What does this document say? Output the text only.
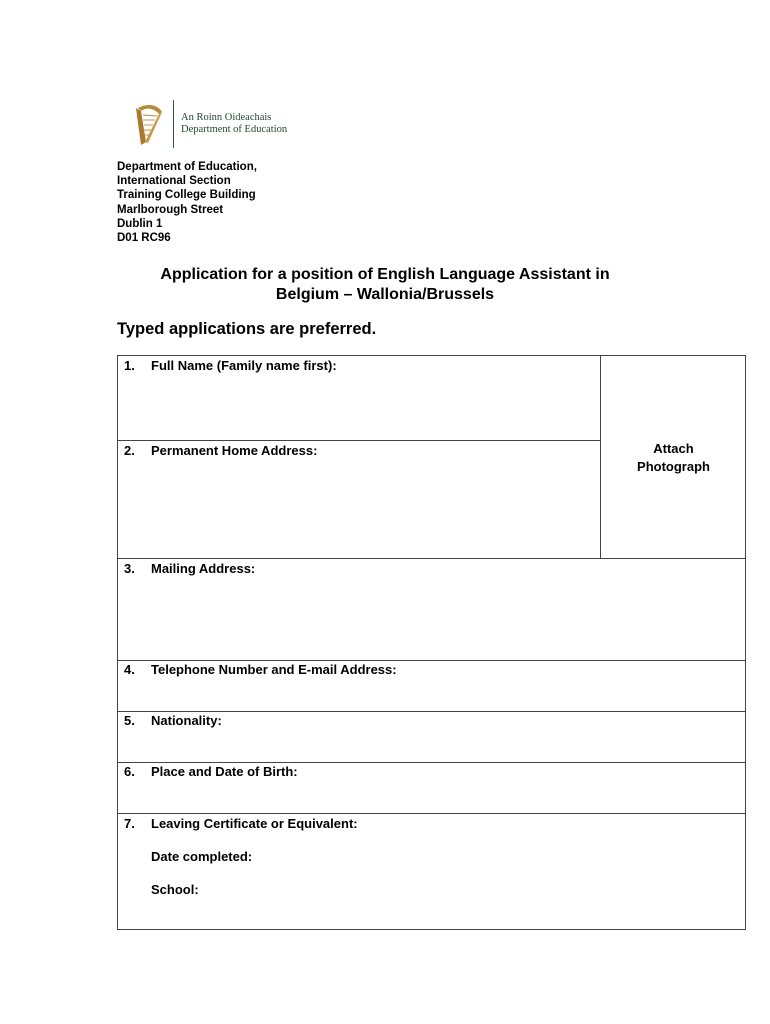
An Roinn Oideachais
Department of Education
Department of Education,
International Section
Training College Building
Marlborough Street
Dublin 1
D01 RC96
Application for a position of English Language Assistant in
Belgium – Wallonia/Brussels
Typed applications are preferred.
1. Full Name (Family name first):
2. Permanent Home Address:
3. Mailing Address:
4. Telephone Number and E-mail Address:
5. Nationality:
6. Place and Date of Birth:
7. Leaving Certificate or Equivalent:
Date completed:
School:
Attach
Photograph
